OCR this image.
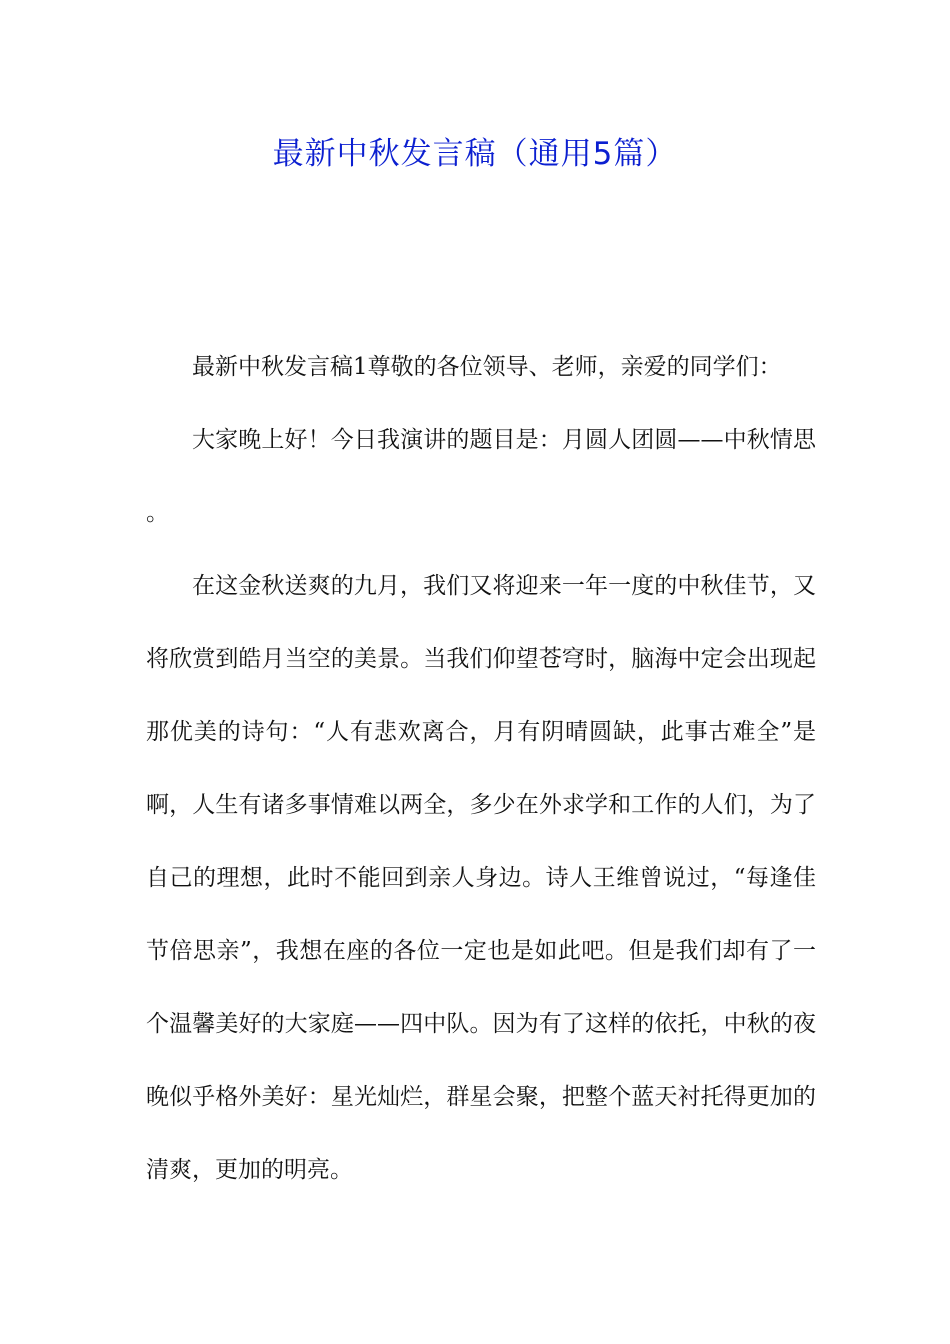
最新中秋发言稿（通用5篇）

最新中秋发言稿1尊敬的各位领导、老师，亲爱的同学们：

大家晚上好！今日我演讲的题目是：月圆人团圆——中秋情思 。

在这金秋送爽的九月，我们又将迎来一年一度的中秋佳节，又将欣赏到皓月当空的美景。当我们仰望苍穹时，脑海中定会出现起那优美的诗句：“人有悲欢离合，月有阴晴圆缺，此事古难全”是啊，人生有诸多事情难以两全，多少在外求学和工作的人们，为了自己的理想，此时不能回到亲人身边。诗人王维曾说过，“每逢佳节倍思亲”，我想在座的各位一定也是如此吧。但是我们却有了一个温馨美好的大家庭——四中队。因为有了这样的依托，中秋的夜晚似乎格外美好：星光灿烂，群星会聚，把整个蓝天衬托得更加的清爽，更加的明亮。
